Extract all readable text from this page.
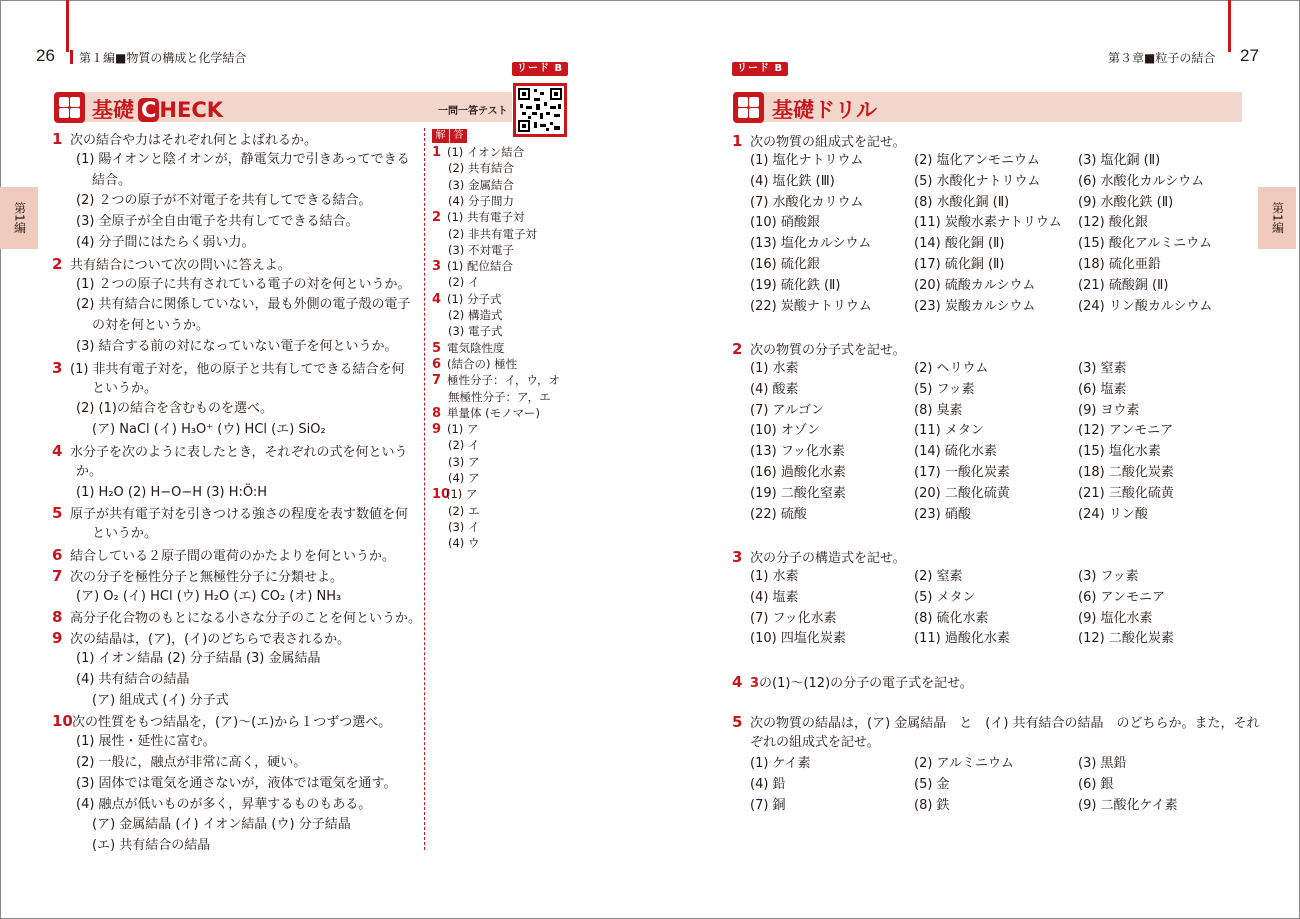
26	第１編■物質の構成と化学結合
第1編
リード B
基礎 C HECK	一問一答テスト
1 次の結合や力はそれぞれ何とよばれるか。
(1) 陽イオンと陰イオンが，静電気力で引きあってできる
結合。
(2) ２つの原子が不対電子を共有してできる結合。
(3) 全原子が全自由電子を共有してできる結合。
(4) 分子間にはたらく弱い力。
2 共有結合について次の問いに答えよ。
(1) ２つの原子に共有されている電子の対を何というか。
(2) 共有結合に関係していない，最も外側の電子殻の電子
の対を何というか。
(3) 結合する前の対になっていない電子を何というか。
3 (1) 非共有電子対を，他の原子と共有してできる結合を何
というか。
(2) (1)の結合を含むものを選べ。
(ア) NaCl (イ) H₃O⁺ (ウ) HCl (エ) SiO₂
4 水分子を次のように表したとき，それぞれの式を何という
か。
(1) H₂O (2) H−O−H (3) H:Ö:H
5 原子が共有電子対を引きつける強さの程度を表す数値を何
というか。
6 結合している２原子間の電荷のかたよりを何というか。
7 次の分子を極性分子と無極性分子に分類せよ。
(ア) O₂ (イ) HCl (ウ) H₂O (エ) CO₂ (オ) NH₃
8 高分子化合物のもとになる小さな分子のことを何というか。
9 次の結晶は，(ア)，(イ)のどちらで表されるか。
(1) イオン結晶 (2) 分子結晶 (3) 金属結晶
(4) 共有結合の結晶
(ア) 組成式 (イ) 分子式
10次の性質をもつ結晶を，(ア)〜(エ)から１つずつ選べ。
(1) 展性・延性に富む。
(2) 一般に，融点が非常に高く，硬い。
(3) 固体では電気を通さないが，液体では電気を通す。
(4) 融点が低いものが多く，昇華するものもある。
(ア) 金属結晶 (イ) イオン結晶 (ウ) 分子結晶
(エ) 共有結合の結晶
解 答
1 (1) イオン結合
(2) 共有結合
(3) 金属結合
(4) 分子間力
2 (1) 共有電子対
(2) 非共有電子対
(3) 不対電子
3 (1) 配位結合
(2) イ
4 (1) 分子式
(2) 構造式
(3) 電子式
5 電気陰性度
6 (結合の) 極性
7 極性分子：イ，ウ，オ
無極性分子：ア，エ
8 単量体 (モノマー)
9 (1) ア
(2) イ
(3) ア
(4) ア
10(1) ア
(2) エ
(3) イ
(4) ウ
27
第３章■粒子の結合
第1編
リード B
基礎ドリル
1 次の物質の組成式を記せ。
(1) 塩化ナトリウム	(2) 塩化アンモニウム	(3) 塩化銅 (Ⅱ)
(4) 塩化鉄 (Ⅲ)	(5) 水酸化ナトリウム	(6) 水酸化カルシウム
(7) 水酸化カリウム	(8) 水酸化銅 (Ⅱ)	(9) 水酸化鉄 (Ⅱ)
(10) 硝酸銀	(11) 炭酸水素ナトリウム (12) 酸化銀
(13) 塩化カルシウム	(14) 酸化銅 (Ⅱ)	(15) 酸化アルミニウム
(16) 硫化銀	(17) 硫化銅 (Ⅱ)	(18) 硫化亜鉛
(19) 硫化鉄 (Ⅱ)	(20) 硫酸カルシウム	(21) 硫酸銅 (Ⅱ)
(22) 炭酸ナトリウム	(23) 炭酸カルシウム	(24) リン酸カルシウム
2 次の物質の分子式を記せ。
(1) 水素	(2) ヘリウム	(3) 窒素
(4) 酸素	(5) フッ素	(6) 塩素
(7) アルゴン	(8) 臭素	(9) ヨウ素
(10) オゾン	(11) メタン	(12) アンモニア
(13) フッ化水素	(14) 硫化水素	(15) 塩化水素
(16) 過酸化水素	(17) 一酸化炭素	(18) 二酸化炭素
(19) 二酸化窒素	(20) 二酸化硫黄	(21) 三酸化硫黄
(22) 硫酸	(23) 硝酸	(24) リン酸
3 次の分子の構造式を記せ。
(1) 水素	(2) 窒素	(3) フッ素
(4) 塩素	(5) メタン	(6) アンモニア
(7) フッ化水素	(8) 硫化水素	(9) 塩化水素
(10) 四塩化炭素	(11) 過酸化水素	(12) 二酸化炭素
4 3の(1)〜(12)の分子の電子式を記せ。
5 次の物質の結晶は，(ア) 金属結晶　と　(イ) 共有結合の結晶　のどちらか。また，それ
ぞれの組成式を記せ。
(1) ケイ素	(2) アルミニウム	(3) 黒鉛
(4) 鉛	(5) 金	(6) 銀
(7) 銅	(8) 鉄	(9) 二酸化ケイ素
